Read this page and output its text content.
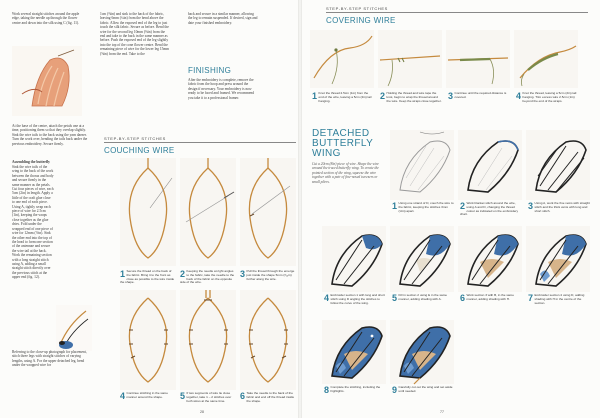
Work several straight stitches around the apple edge, taking the needle up through the flower centre and down into the silk using C (fig. 11).
1cm (⅜in) and sink to the back of the fabric, leaving 6mm (¼in) from the bend above the fabric. Allow the exposed end of the leg to just touch the silk fabric. Secure as before. Bend the wire for the second leg 10mm (⅜in) from the end and take to the back in the same manner as before. Push the exposed end of the leg slightly into the top of the cone flower centre. Bend the remaining piece of wire for the lower leg 15mm (⅝in) from the end. Take to the
back and secure in a similar manner, allowing the leg to remain suspended. If desired, sign and date your finished embroidery.
FINISHING
After the embroidery is complete, remove the fabric from the hoop and press around the design if necessary. Your embroidery is now ready to be faced and framed. We recommend you take it to a professional framer.
At the base of the centre, attach the petals one at a time, positioning them so that they overlap slightly. Sink the wire tails to the back using the yarn darner. Turn the work over, bending the tails back under the previous embroidery. Secure firmly.
Assembling the butterfly
Sink the wire tails of the wing to the back of the work between the thorax and body and secure firmly in the same manner as the petals. Cut four pieces of wire, each 5cm (2in) in length. Apply a little of the craft glue close to one end of each piece. Using A, tightly wrap each piece of wire for 2.5cm (1in), keeping the wraps close together as the glue dries. Fold under the wrapped end of one piece of wire for 12mm (½in). Sink the other end into the top of the head to form one section of the antennae and secure the wire tail at the back. Work the remaining section with a long straight stitch using A, adding a small straight stitch directly over the previous stitch at the upper end (fig. 12).
Referring to the close-up photograph for placement, stitch three legs with straight stitches of varying lengths, using A. For the upper detached leg, bend under the wrapped wire for
STEP-BY-STEP STITCHES
COUCHING WIRE
1 Secure the thread on the back of the fabric. Bring it to the front as close as possible to the wire inside the shape.
2 Keeping the needle at right angles to the fabric, take the needle to the back of the fabric on the opposite side of the wire.
3 Pull the thread through the emerge just inside the shape 5mm (³⁄₁₆in) further along the wire.
4 Continue stitching in the same manner around the shape.	5 If two segments of wire lie close together, take 1 – 2 stitches over both wires at the same time.	6 Take the needle to the back of the fabric and end off the thread inside the shape.
28
STEP-BY-STEP STITCHES
COVERING WIRE
1 Knot the thread 2.5cm (1in) from the end of the wire, leaving a 5cm (2in) tail hanging.	2 Holding the thread and wire tape the knot, begin to wrap the thread around the wire. Keep the wraps close together. 3 Continue until the required distance is covered.	4 Knot the thread, leaving a 5cm (2in) tail hanging. Trim excess wire 2.5cm (1in) beyond the end of the wraps.
DETACHED
BUTTERFLY
WING
Cut a 20cm (8in) piece of wire. Shape the wire around the traced butterfly wing. To create the pointed section of the wing, squeeze the wire together with a pair of fine-nosed tweezers or small pliers.
1 Using one strand of D, couch the wire to the fabric, keeping the stitches 3mm (⅛in) apart.	2 Work blanket stitch around the wire, using A and D, changing the thread colour as indicated on the embroidery chart.
3 Using A, work the fine veins with straight stitch and the thick veins with long and short stitch.
4 Embroider section 1 with long and short stitch using D angling the stitches to follow the curve of the wing.	5 Fill in section 2 using E in the same manner, adding shading with A.	6 Work section 3 with B, in the same manner, adding shading with H.	7 Embroider section 4 using D, adding shading with H in the centre of the section.
8 Complete the stitching, including the highlights.	9 Carefully cut out the wing and set aside until needed.
77
